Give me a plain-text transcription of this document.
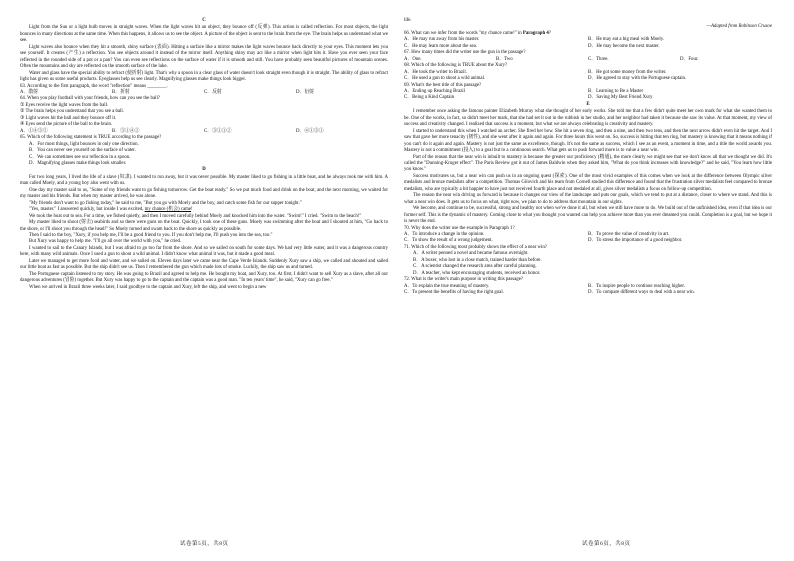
C

Light from the Sun or a light bulb moves in straight waves. When the light waves hit an object, they bounce off (反弹). This action is called reflection. For most objects, the light bounces in many directions at the same time. When this happens, it allows us to see the object. A picture of the object is sent to the brain from the eye. The brain helps us understand what we see.

Light waves also bounce when they hit a smooth, shiny surface (表面). Hitting a surface like a mirror makes the light waves bounce back directly to your eyes. This moment lets you see yourself. It creates (产生) a reflection. You see objects around it instead of the mirror itself. Anything shiny may act like a mirror when light hits it. Have you ever seen your face reflected in the rounded side of a pot or a pan? You can even see reflections on the surface of water if it is smooth and still. You have probably seen beautiful pictures of mountain scenes. Often the mountains and sky are reflected on the smooth surface of the lake.

Water and glass have the special ability to refract (使折射) light. That's why a spoon in a clear glass of water doesn't look straight even though it is straight. The ability of glass to refract light has given us some useful products. Eyeglasses help us see clearly. Magnifying glasses make things look bigger.

63. According to the first paragraph, the word "reflection" means ________.

A．散射	B．折射	C．反射	D．衍射

64. When you play football with your friends, how can you see the ball?

① Eyes receive the light waves from the ball.

② The brain helps you understand that you see a ball.

③ Light waves hit the ball and they bounce off it.

④ Eyes send the picture of the ball to the brain.

A．①④③②	B．③①④②	C．③①①②	D．④①③①

65. Which of the following statement is TRUE according to the passage?

A．For most things, light bounces in only one direction.
B．You can never see yourself on the surface of water.
C．We can sometimes see our reflection in a spoon.
D．Magnifying glasses make things look smaller.
D

For two long years, I lived the life of a slave (奴隶). I wanted to run away, but it was never possible. My master liked to go fishing in a little boat, and he always took me with him. A man called Moely, and a young boy also went with us.

One day my master said to us, "Some of my friends want to go fishing tomorrow. Get the boat ready." So we put much food and drink on the boat, and the next morning, we waited for my master and his friends. But when my master arrived, he was alone.

"My friends don't want to go fishing today," he said to me, "But you go with Moely and the boy, and catch some fish for our supper tonight."

"Yes, master." I answered quickly, but inside I was excited, my chance (机会) came!

We took the boat out to sea. For a time, we fished quietly, and then I moved carefully behind Moely and knocked him into the water. "Swim!" I cried. "Swim to the beach!"

My master liked to shoot (射击) seabirds and so there were guns on the boat. Quickly, I took one of these guns. Moely was swimming after the boat and I shouted at him, "Go back to the shore, or I'll shoot you through the head!" So Moely turned and swam back to the shore as quickly as possible.

Then I said to the boy, "Xury, if you help me, I'll be a good friend to you. If you don't help me, I'll push you into the sea, too."

But Xury was happy to help me. "I'll go all over the world with you," he cried.

I wanted to sail to the Canary Islands, but I was afraid to go too far from the shore. And so we sailed on south for some days. We had very little water, and it was a dangerous country here, with many wild animals. Once I used a gun to shoot a wild animal. I didn't know what animal it was, but it made a good meal.

Later we managed to get more food and water, and we sailed on. Eleven days later we came near the Cape Verde Islands. Suddenly Xury saw a ship, we called and shouted and sailed our little boat as fast as possible. But the ship didn't see us. Then I remembered the gun which made lots of smoke. Luckily, the ship saw us and turned.

The Portuguese captain listened to my story. He was going to Brazil and agreed to help me. He bought my boat, and Xury, too. At first, I didn't want to sell Xury as a slave, after all our dangerous adventures (冒险) together. But Xury was happy to go to the captain and the captain was a good man. "In ten years' time", he said, "Xury can go free."

When we arrived in Brazil three weeks later, I said goodbye to the captain and Xury, left the ship, and went to begin a new

life.

—Adapted from Robinson Crusoe

66. What can we infer from the words "my chance came!" in Paragraph 4?

A．He may run away from his master.	B．He may eat a big meal with Moely.
C．He may learn more about the sea.	D．He may become the next master.

67. How many times did the writer use the gun in the passage?

A．One.	B．Two	C．Three.	D．Four.

68. Which of the following is TRUE about the Xury?

A．He took the writer to Brazil.	B．He got some money from the writer.
C．He used a gun to shoot a wild animal.	D．He agreed to stay with the Portuguese captain.

69. What's the best title of this passage?

A．Ending up Reaching Brazil	B．Learning to Be a Master
C．Being a Kind Captain	D．Saving My Best Friend Xury
E

I remember once asking the famous painter Elizabeth Murray what she thought of her early works. She told me that a few didn't quite meet her own mark for what she wanted them to be. One of the works, in fact, so didn't meet her mark, that she had set it out in the rubbish in her studio, and her neighbor had taken it because she saw its value. At that moment, my view of success and creativity changed. I realized that success is a moment, but what we are always celebrating is creativity and mastery.

I started to understand this when I watched an archer. She fired her bow. She hit a seven ring, and then a nine, and then two tens, and then the next arrow didn't even hit the target. And I saw that gave her more tenacity (韧性), and she went after it again and again. For three hours this went on. So, success is hitting that ten ring, but mastery is knowing that it means nothing if you can't do it again and again. Mastery is not just the same as excellence, though. It's not the same as success, which I see as an event, a moment in time, and a title the world awards you. Mastery is not a commitment (投入) to a goal but to a continuous search. What gets us to push forward more is to value a near win.

Part of the reason that the near win is inbuilt to mastery is because the greater our proficiency (精通), the more clearly we might see that we don't know all that we thought we did. It's called the "Dunning-Kruger effect". The Paris Review got it out of James Baldwin when they asked him, "What do you think increases with knowledge?" and he said, "You learn how little you know."

Success motivates us, but a near win can push us in an ongoing quest (探索). One of the most vivid examples of this comes when we look at the difference between Olympic silver medalists and bronze medalists after a competition. Thomas Gilovich and his team from Cornell studied this difference and found that the frustration silver medalists feel compared to bronze medalists, who are typically a bit happier to have just not received fourth place and not medaled at all, gives silver medalists a focus on follow-up competition.

The reason the near win driving us forward is because it changes our view of the landscape and puts our goals, which we tend to put at a distance, closer to where we stand. And this is what a near win does. It gets us to focus on what, right now, we plan to do to address that mountain in our sights.

We become, and continue to be, successful, strong and healthy not when we've done it all, but when we still have more to do. We build out of the unfinished idea, even if that idea is our former self. This is the dynamic of mastery. Coming close to what you thought you wanted can help you achieve more than you ever dreamed you could. Completion is a goal, but we hope it is never the end.

70. Why does the writer use the example in Paragraph 1?

A．To introduce a change in the opinion.	B．To prove the value of creativity in art.
C．To show the result of a wrong judgement.	D．To stress the importance of a good neighbor.

71. Which of the following most probably shows the effect of a near win?

A．A writer penned a novel and became famous overnight.
B．A boxer, who lost in a close match, trained harder than before.
C．A scientist changed the research area after careful planning.
D．A teacher, who kept encouraging students, received an honor.

72. What is the writer's main purpose in writing this passage?

A．To explain the true meaning of mastery.	B．To inspire people to continue reaching higher.
C．To present the benefits of having the right goal.	D．To compare different ways to deal with a near win.
试卷第5页，共8页	试卷第6页，共8页
